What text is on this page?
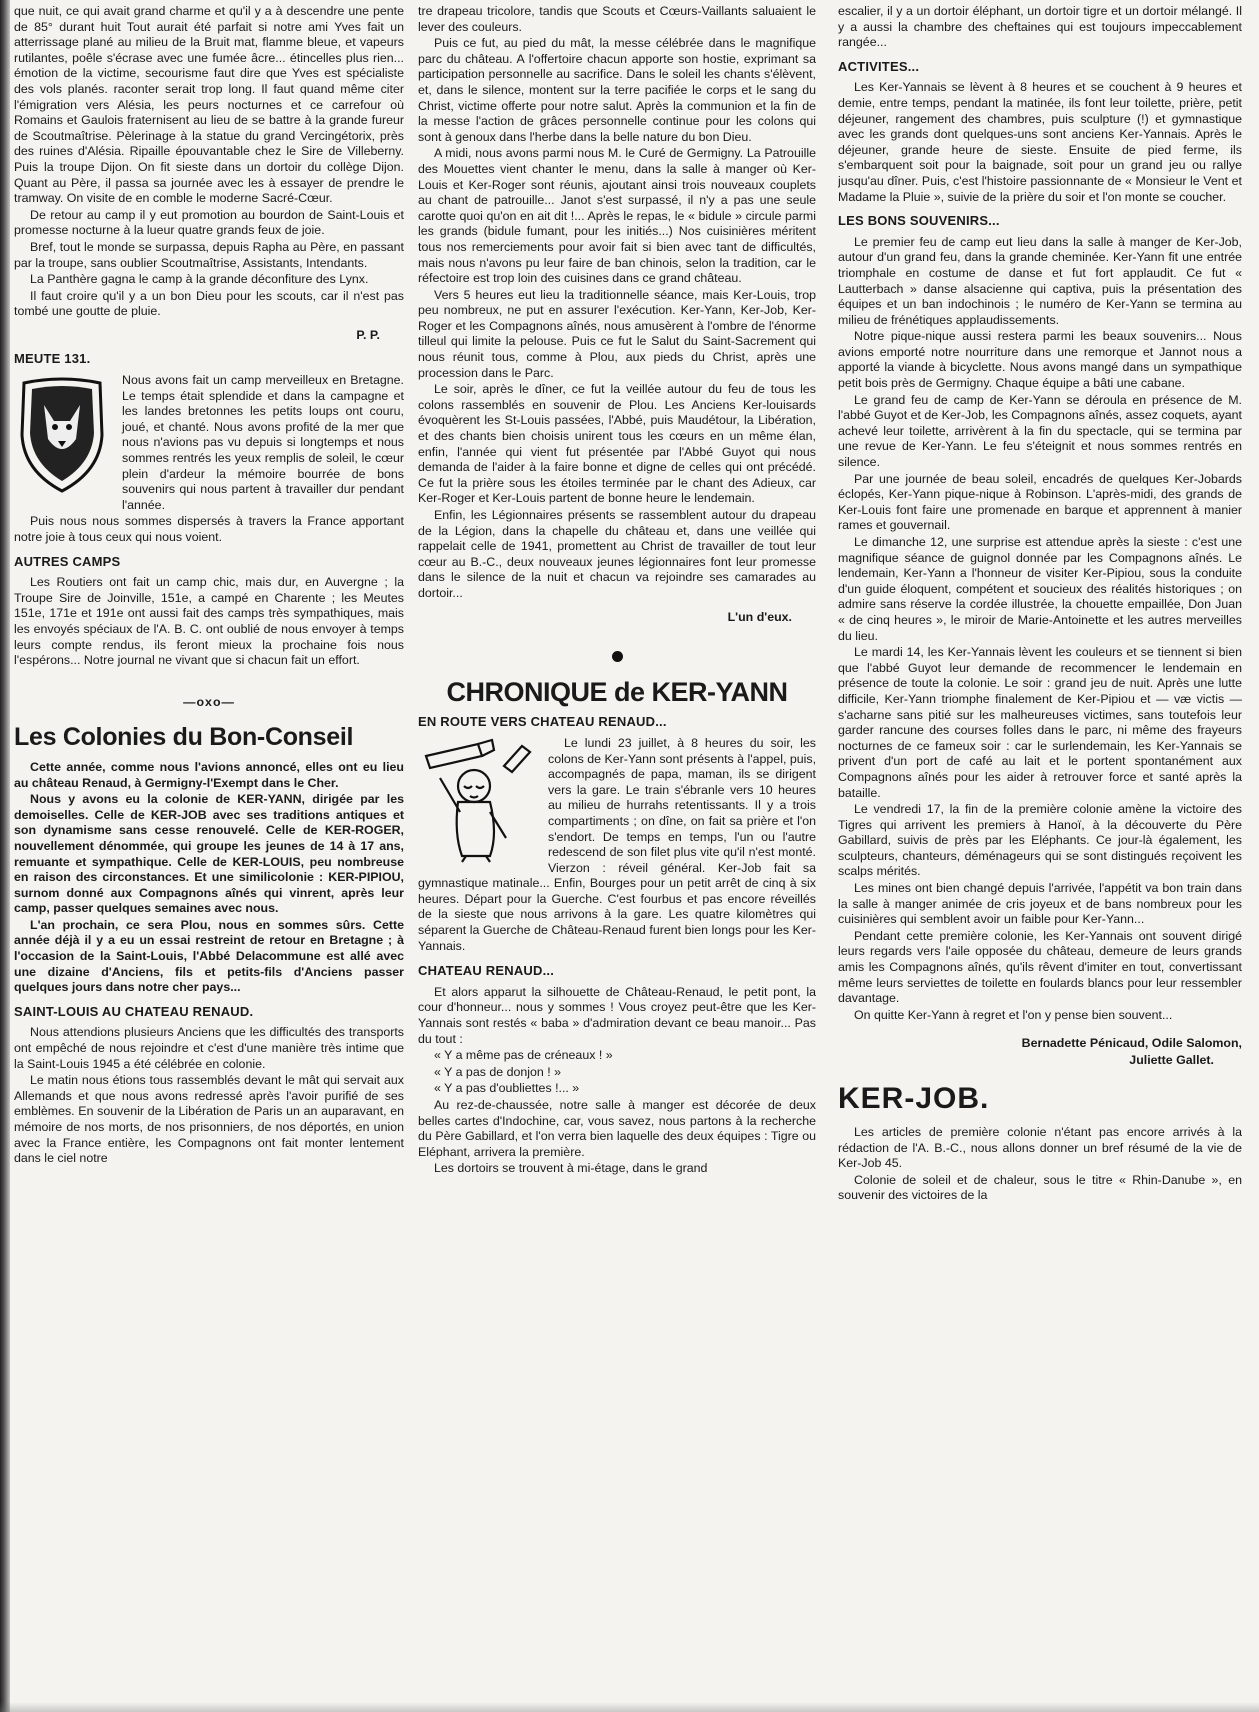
que nuit, ce qui avait grand charme et qu'il y a à descendre une pente de 85° durant huit Tout aurait été parfait si notre ami Yves fait un atterrissage plané au milieu de la Bruit mat, flamme bleue, et vapeurs rutilantes, poêle s'écrase avec une fumée âcre... étincelles plus rien... émotion de la victime, secourisme faut dire que Yves est spécialiste des vols planés. raconter serait trop long. Il faut quand même citer l'émigration vers Alésia, les peurs nocturnes et ce carrefour où Romains et Gaulois fraternisent au lieu de se battre à la grande fureur de Scoutmaîtrise. Pèlerinage à la statue du grand Vercingétorix, près des ruines d'Alésia. Ripaille épouvantable chez le Sire de Villeberny. Puis la troupe Dijon. On fit sieste dans un dortoir du collège Dijon. Quant au Père, il passa sa journée avec les à essayer de prendre le tramway. On visite de en comble le moderne Sacré-Cœur.

De retour au camp il y eut promotion au bourdon de Saint-Louis et promesse nocturne à la lueur quatre grands feux de joie.

Bref, tout le monde se surpassa, depuis Rapha au Père, en passant par la troupe, sans oublier Scoutmaîtrise, Assistants, Intendants.

La Panthère gagna le camp à la grande déconfiture des Lynx.

Il faut croire qu'il y a un bon Dieu pour les scouts, car il n'est pas tombé une goutte de pluie.

P. P.
MEUTE 131.

Nous avons fait un camp merveilleux en Bretagne. Le temps était splendide et dans la campagne et les landes bretonnes les petits loups ont couru, joué, et chanté. Nous avons profité de la mer que nous n'avions pas vu depuis si longtemps et nous sommes rentrés les yeux remplis de soleil, le cœur plein d'ardeur la mémoire bourrée de bons souvenirs qui nous partent à travailler dur pendant l'année.

Puis nous nous sommes dispersés à travers la France apportant notre joie à tous ceux qui nous voient.

AUTRES CAMPS

Les Routiers ont fait un camp chic, mais dur, en Auvergne ; la Troupe Sire de Joinville, 151e, a campé en Charente ; les Meutes 151e, 171e et 191e ont aussi fait des camps très sympathiques, mais les envoyés spéciaux de l'A. B. C. ont oublié de nous envoyer à temps leurs compte rendus, ils feront mieux la prochaine fois nous l'espérons... Notre journal ne vivant que si chacun fait un effort.

—oxo—
Les Colonies du Bon-Conseil

Cette année, comme nous l'avions annoncé, elles ont eu lieu au château Renaud, à Germigny-l'Exempt dans le Cher.

Nous y avons eu la colonie de KER-YANN, dirigée par les demoiselles. Celle de KER-JOB avec ses traditions antiques et son dynamisme sans cesse renouvelé. Celle de KER-ROGER, nouvellement dénommée, qui groupe les jeunes de 14 à 17 ans, remuante et sympathique. Celle de KER-LOUIS, peu nombreuse en raison des circonstances. Et une similicolonie : KER-PIPIOU, surnom donné aux Compagnons aînés qui vinrent, après leur camp, passer quelques semaines avec nous.

L'an prochain, ce sera Plou, nous en sommes sûrs. Cette année déjà il y a eu un essai restreint de retour en Bretagne ; à l'occasion de la Saint-Louis, l'Abbé Delacommune est allé avec une dizaine d'Anciens, fils et petits-fils d'Anciens passer quelques jours dans notre cher pays...

SAINT-LOUIS AU CHATEAU RENAUD.

Nous attendions plusieurs Anciens que les difficultés des transports ont empêché de nous rejoindre et c'est d'une manière très intime que la Saint-Louis 1945 a été célébrée en colonie.

Le matin nous étions tous rassemblés devant le mât qui servait aux Allemands et que nous avons redressé après l'avoir purifié de ses emblèmes. En souvenir de la Libération de Paris un an auparavant, en mémoire de nos morts, de nos prisonniers, de nos déportés, en union avec la France entière, les Compagnons ont fait monter lentement dans le ciel notre

tre drapeau tricolore, tandis que Scouts et Cœurs-Vaillants saluaient le lever des couleurs.

Puis ce fut, au pied du mât, la messe célébrée dans le magnifique parc du château. A l'offertoire chacun apporte son hostie, exprimant sa participation personnelle au sacrifice. Dans le soleil les chants s'élèvent, et, dans le silence, montent sur la terre pacifiée le corps et le sang du Christ, victime offerte pour notre salut. Après la communion et la fin de la messe l'action de grâces personnelle continue pour les colons qui sont à genoux dans l'herbe dans la belle nature du bon Dieu.

A midi, nous avons parmi nous M. le Curé de Germigny. La Patrouille des Mouettes vient chanter le menu, dans la salle à manger où Ker-Louis et Ker-Roger sont réunis, ajoutant ainsi trois nouveaux couplets au chant de patrouille... Janot s'est surpassé, il n'y a pas une seule carotte quoi qu'on en ait dit !... Après le repas, le « bidule » circule parmi les grands (bidule fumant, pour les initiés...) Nos cuisinières méritent tous nos remerciements pour avoir fait si bien avec tant de difficultés, mais nous n'avons pu leur faire de ban chinois, selon la tradition, car le réfectoire est trop loin des cuisines dans ce grand château.

Vers 5 heures eut lieu la traditionnelle séance, mais Ker-Louis, trop peu nombreux, ne put en assurer l'exécution. Ker-Yann, Ker-Job, Ker-Roger et les Compagnons aînés, nous amusèrent à l'ombre de l'énorme tilleul qui limite la pelouse. Puis ce fut le Salut du Saint-Sacrement qui nous réunit tous, comme à Plou, aux pieds du Christ, après une procession dans le Parc.

Le soir, après le dîner, ce fut la veillée autour du feu de tous les colons rassemblés en souvenir de Plou. Les Anciens Ker-louisards évoquèrent les St-Louis passées, l'Abbé, puis Maudétour, la Libération, et des chants bien choisis unirent tous les cœurs en un même élan, enfin, l'année qui vient fut présentée par l'Abbé Guyot qui nous demanda de l'aider à la faire bonne et digne de celles qui ont précédé. Ce fut la prière sous les étoiles terminée par le chant des Adieux, car Ker-Roger et Ker-Louis partent de bonne heure le lendemain.

Enfin, les Légionnaires présents se rassemblent autour du drapeau de la Légion, dans la chapelle du château et, dans une veillée qui rappelait celle de 1941, promettent au Christ de travailler de tout leur cœur au B.-C., deux nouveaux jeunes légionnaires font leur promesse dans le silence de la nuit et chacun va rejoindre ses camarades au dortoir...

L'un d'eux.
CHRONIQUE de KER-YANN
EN ROUTE VERS CHATEAU RENAUD...

Le lundi 23 juillet, à 8 heures du soir, les colons de Ker-Yann sont présents à l'appel, puis, accompagnés de papa, maman, ils se dirigent vers la gare. Le train s'ébranle vers 10 heures au milieu de hurrahs retentissants. Il y a trois compartiments ; on dîne, on fait sa prière et l'on s'endort. De temps en temps, l'un ou l'autre redescend de son filet plus vite qu'il n'est monté. Vierzon : réveil général. Ker-Job fait sa gymnastique matinale... Enfin, Bourges pour un petit arrêt de cinq à six heures. Départ pour la Guerche. C'est fourbus et pas encore réveillés de la sieste que nous arrivons à la gare. Les quatre kilomètres qui séparent la Guerche de Château-Renaud furent bien longs pour les Ker-Yannais.

CHATEAU RENAUD...

Et alors apparut la silhouette de Château-Renaud, le petit pont, la cour d'honneur... nous y sommes ! Vous croyez peut-être que les Ker-Yannais sont restés « baba » d'admiration devant ce beau manoir... Pas du tout :

« Y a même pas de créneaux ! »

« Y a pas de donjon ! »

« Y a pas d'oubliettes !... »

Au rez-de-chaussée, notre salle à manger est décorée de deux belles cartes d'Indochine, car, vous savez, nous partons à la recherche du Père Gabillard, et l'on verra bien laquelle des deux équipes : Tigre ou Eléphant, arrivera la première.

Les dortoirs se trouvent à mi-étage, dans le grand

escalier, il y a un dortoir éléphant, un dortoir tigre et un dortoir mélangé. Il y a aussi la chambre des cheftaines qui est toujours impeccablement rangée...

ACTIVITES...

Les Ker-Yannais se lèvent à 8 heures et se couchent à 9 heures et demie, entre temps, pendant la matinée, ils font leur toilette, prière, petit déjeuner, rangement des chambres, puis sculpture (!) et gymnastique avec les grands dont quelques-uns sont anciens Ker-Yannais. Après le déjeuner, grande heure de sieste. Ensuite de pied ferme, ils s'embarquent soit pour la baignade, soit pour un grand jeu ou rallye jusqu'au dîner. Puis, c'est l'histoire passionnante de « Monsieur le Vent et Madame la Pluie », suivie de la prière du soir et l'on monte se coucher.

LES BONS SOUVENIRS...

Le premier feu de camp eut lieu dans la salle à manger de Ker-Job, autour d'un grand feu, dans la grande cheminée. Ker-Yann fit une entrée triomphale en costume de danse et fut fort applaudit. Ce fut « Lautterbach » danse alsacienne qui captiva, puis la présentation des équipes et un ban indochinois ; le numéro de Ker-Yann se termina au milieu de frénétiques applaudissements.

Notre pique-nique aussi restera parmi les beaux souvenirs... Nous avions emporté notre nourriture dans une remorque et Jannot nous a apporté la viande à bicyclette. Nous avons mangé dans un sympathique petit bois près de Germigny. Chaque équipe a bâti une cabane.

Le grand feu de camp de Ker-Yann se déroula en présence de M. l'abbé Guyot et de Ker-Job, les Compagnons aînés, assez coquets, ayant achevé leur toilette, arrivèrent à la fin du spectacle, qui se termina par une revue de Ker-Yann. Le feu s'éteignit et nous sommes rentrés en silence.

Par une journée de beau soleil, encadrés de quelques Ker-Jobards éclopés, Ker-Yann pique-nique à Robinson. L'après-midi, des grands de Ker-Louis font faire une promenade en barque et apprennent à manier rames et gouvernail.

Le dimanche 12, une surprise est attendue après la sieste : c'est une magnifique séance de guignol donnée par les Compagnons aînés. Le lendemain, Ker-Yann a l'honneur de visiter Ker-Pipiou, sous la conduite d'un guide éloquent, compétent et soucieux des réalités historiques ; on admire sans réserve la cordée illustrée, la chouette empaillée, Don Juan « de cinq heures », le miroir de Marie-Antoinette et les autres merveilles du lieu.

Le mardi 14, les Ker-Yannais lèvent les couleurs et se tiennent si bien que l'abbé Guyot leur demande de recommencer le lendemain en présence de toute la colonie. Le soir : grand jeu de nuit. Après une lutte difficile, Ker-Yann triomphe finalement de Ker-Pipiou et — væ victis — s'acharne sans pitié sur les malheureuses victimes, sans toutefois leur garder rancune des courses folles dans le parc, ni même des frayeurs nocturnes de ce fameux soir : car le surlendemain, les Ker-Yannais se privent d'un port de café au lait et le portent spontanément aux Compagnons aînés pour les aider à retrouver force et santé après la bataille.

Le vendredi 17, la fin de la première colonie amène la victoire des Tigres qui arrivent les premiers à Hanoï, à la découverte du Père Gabillard, suivis de près par les Eléphants. Ce jour-là également, les sculpteurs, chanteurs, déménageurs qui se sont distingués reçoivent les scalps mérités.

Les mines ont bien changé depuis l'arrivée, l'appétit va bon train dans la salle à manger animée de cris joyeux et de bans nombreux pour les cuisinières qui semblent avoir un faible pour Ker-Yann...

Pendant cette première colonie, les Ker-Yannais ont souvent dirigé leurs regards vers l'aile opposée du château, demeure de leurs grands amis les Compagnons aînés, qu'ils rêvent d'imiter en tout, convertissant même leurs serviettes de toilette en foulards blancs pour leur ressembler davantage.

On quitte Ker-Yann à regret et l'on y pense bien souvent...

Bernadette Pénicaud, Odile Salomon,
Juliette Gallet.
KER-JOB.

Les articles de première colonie n'étant pas encore arrivés à la rédaction de l'A. B.-C., nous allons donner un bref résumé de la vie de Ker-Job 45.

Colonie de soleil et de chaleur, sous le titre « Rhin-Danube », en souvenir des victoires de la
